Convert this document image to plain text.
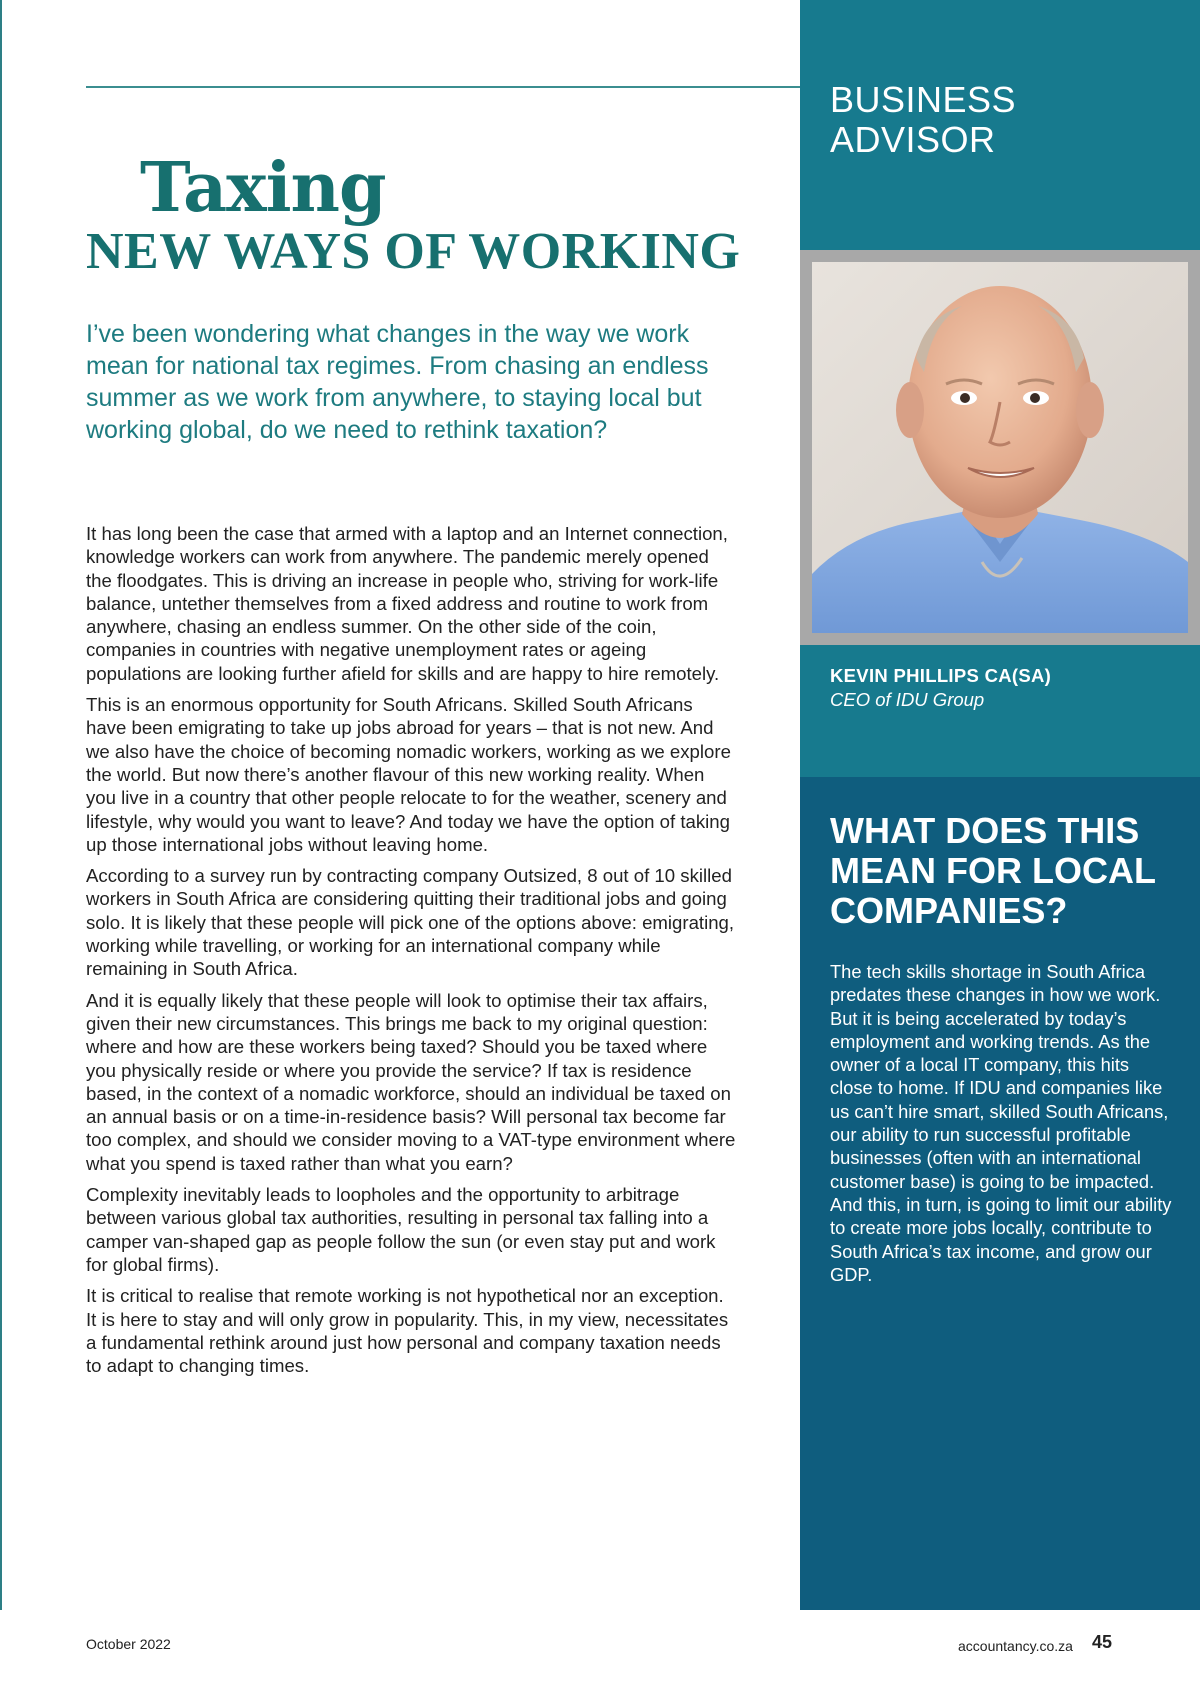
Taxing
NEW WAYS OF WORKING

I’ve been wondering what changes in the way we work mean for national tax regimes. From chasing an endless summer as we work from anywhere, to staying local but working global, do we need to rethink taxation?

It has long been the case that armed with a laptop and an Internet connection, knowledge workers can work from anywhere. The pandemic merely opened the floodgates. This is driving an increase in people who, striving for work-life balance, untether themselves from a fixed address and routine to work from anywhere, chasing an endless summer. On the other side of the coin, companies in countries with negative unemployment rates or ageing populations are looking further afield for skills and are happy to hire remotely.

This is an enormous opportunity for South Africans. Skilled South Africans have been emigrating to take up jobs abroad for years – that is not new. And we also have the choice of becoming nomadic workers, working as we explore the world. But now there’s another flavour of this new working reality. When you live in a country that other people relocate to for the weather, scenery and lifestyle, why would you want to leave? And today we have the option of taking up those international jobs without leaving home.

According to a survey run by contracting company Outsized, 8 out of 10 skilled workers in South Africa are considering quitting their traditional jobs and going solo. It is likely that these people will pick one of the options above: emigrating, working while travelling, or working for an international company while remaining in South Africa.

And it is equally likely that these people will look to optimise their tax affairs, given their new circumstances. This brings me back to my original question: where and how are these workers being taxed? Should you be taxed where you physically reside or where you provide the service? If tax is residence based, in the context of a nomadic workforce, should an individual be taxed on an annual basis or on a time-in-residence basis? Will personal tax become far too complex, and should we consider moving to a VAT-type environment where what you spend is taxed rather than what you earn?

Complexity inevitably leads to loopholes and the opportunity to arbitrage between various global tax authorities, resulting in personal tax falling into a camper van-shaped gap as people follow the sun (or even stay put and work for global firms).

It is critical to realise that remote working is not hypothetical nor an exception. It is here to stay and will only grow in popularity. This, in my view, necessitates a fundamental rethink around just how personal and company taxation needs to adapt to changing times.

BUSINESS
ADVISOR
KEVIN PHILLIPS CA(SA)
CEO of IDU Group
WHAT DOES THIS
MEAN FOR LOCAL
COMPANIES?

The tech skills shortage in South Africa predates these changes in how we work. But it is being accelerated by today’s employment and working trends. As the owner of a local IT company, this hits close to home. If IDU and companies like us can’t hire smart, skilled South Africans, our ability to run successful profitable businesses (often with an international customer base) is going to be impacted. And this, in turn, is going to limit our ability to create more jobs locally, contribute to South Africa’s tax income, and grow our GDP.

October 2022	accountancy.co.za 45
